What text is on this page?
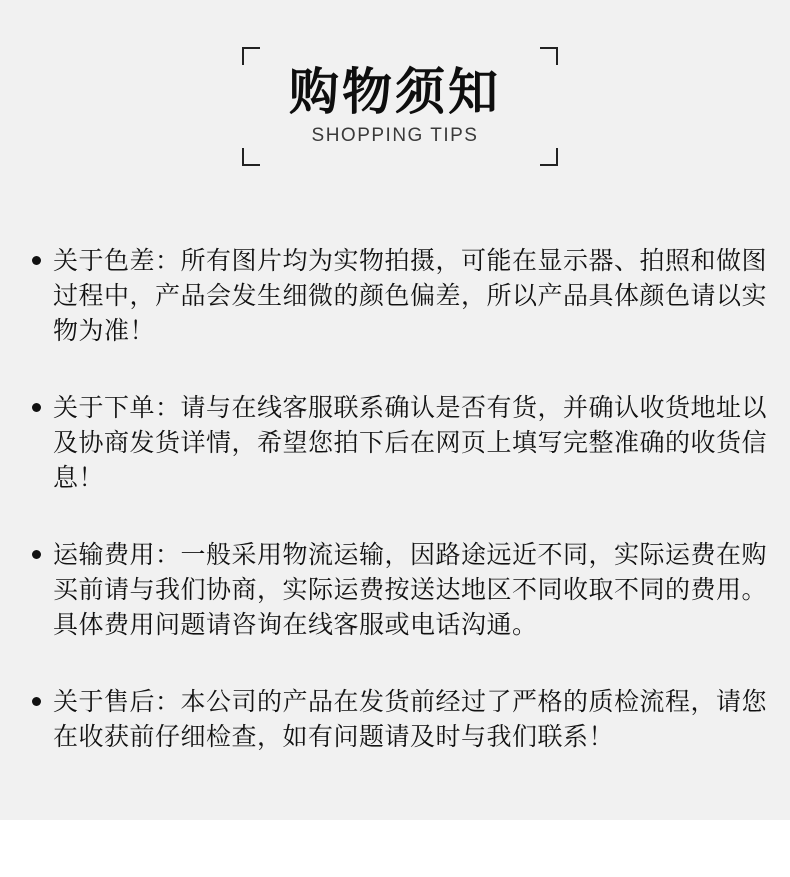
购物须知
SHOPPING TIPS
关于色差：所有图片均为实物拍摄，可能在显示器、拍照和做图过程中，产品会发生细微的颜色偏差，所以产品具体颜色请以实物为准！
关于下单：请与在线客服联系确认是否有货，并确认收货地址以及协商发货详情，希望您拍下后在网页上填写完整准确的收货信息！
运输费用：一般采用物流运输，因路途远近不同，实际运费在购买前请与我们协商，实际运费按送达地区不同收取不同的费用。具体费用问题请咨询在线客服或电话沟通。
关于售后：本公司的产品在发货前经过了严格的质检流程，请您在收获前仔细检查，如有问题请及时与我们联系！
